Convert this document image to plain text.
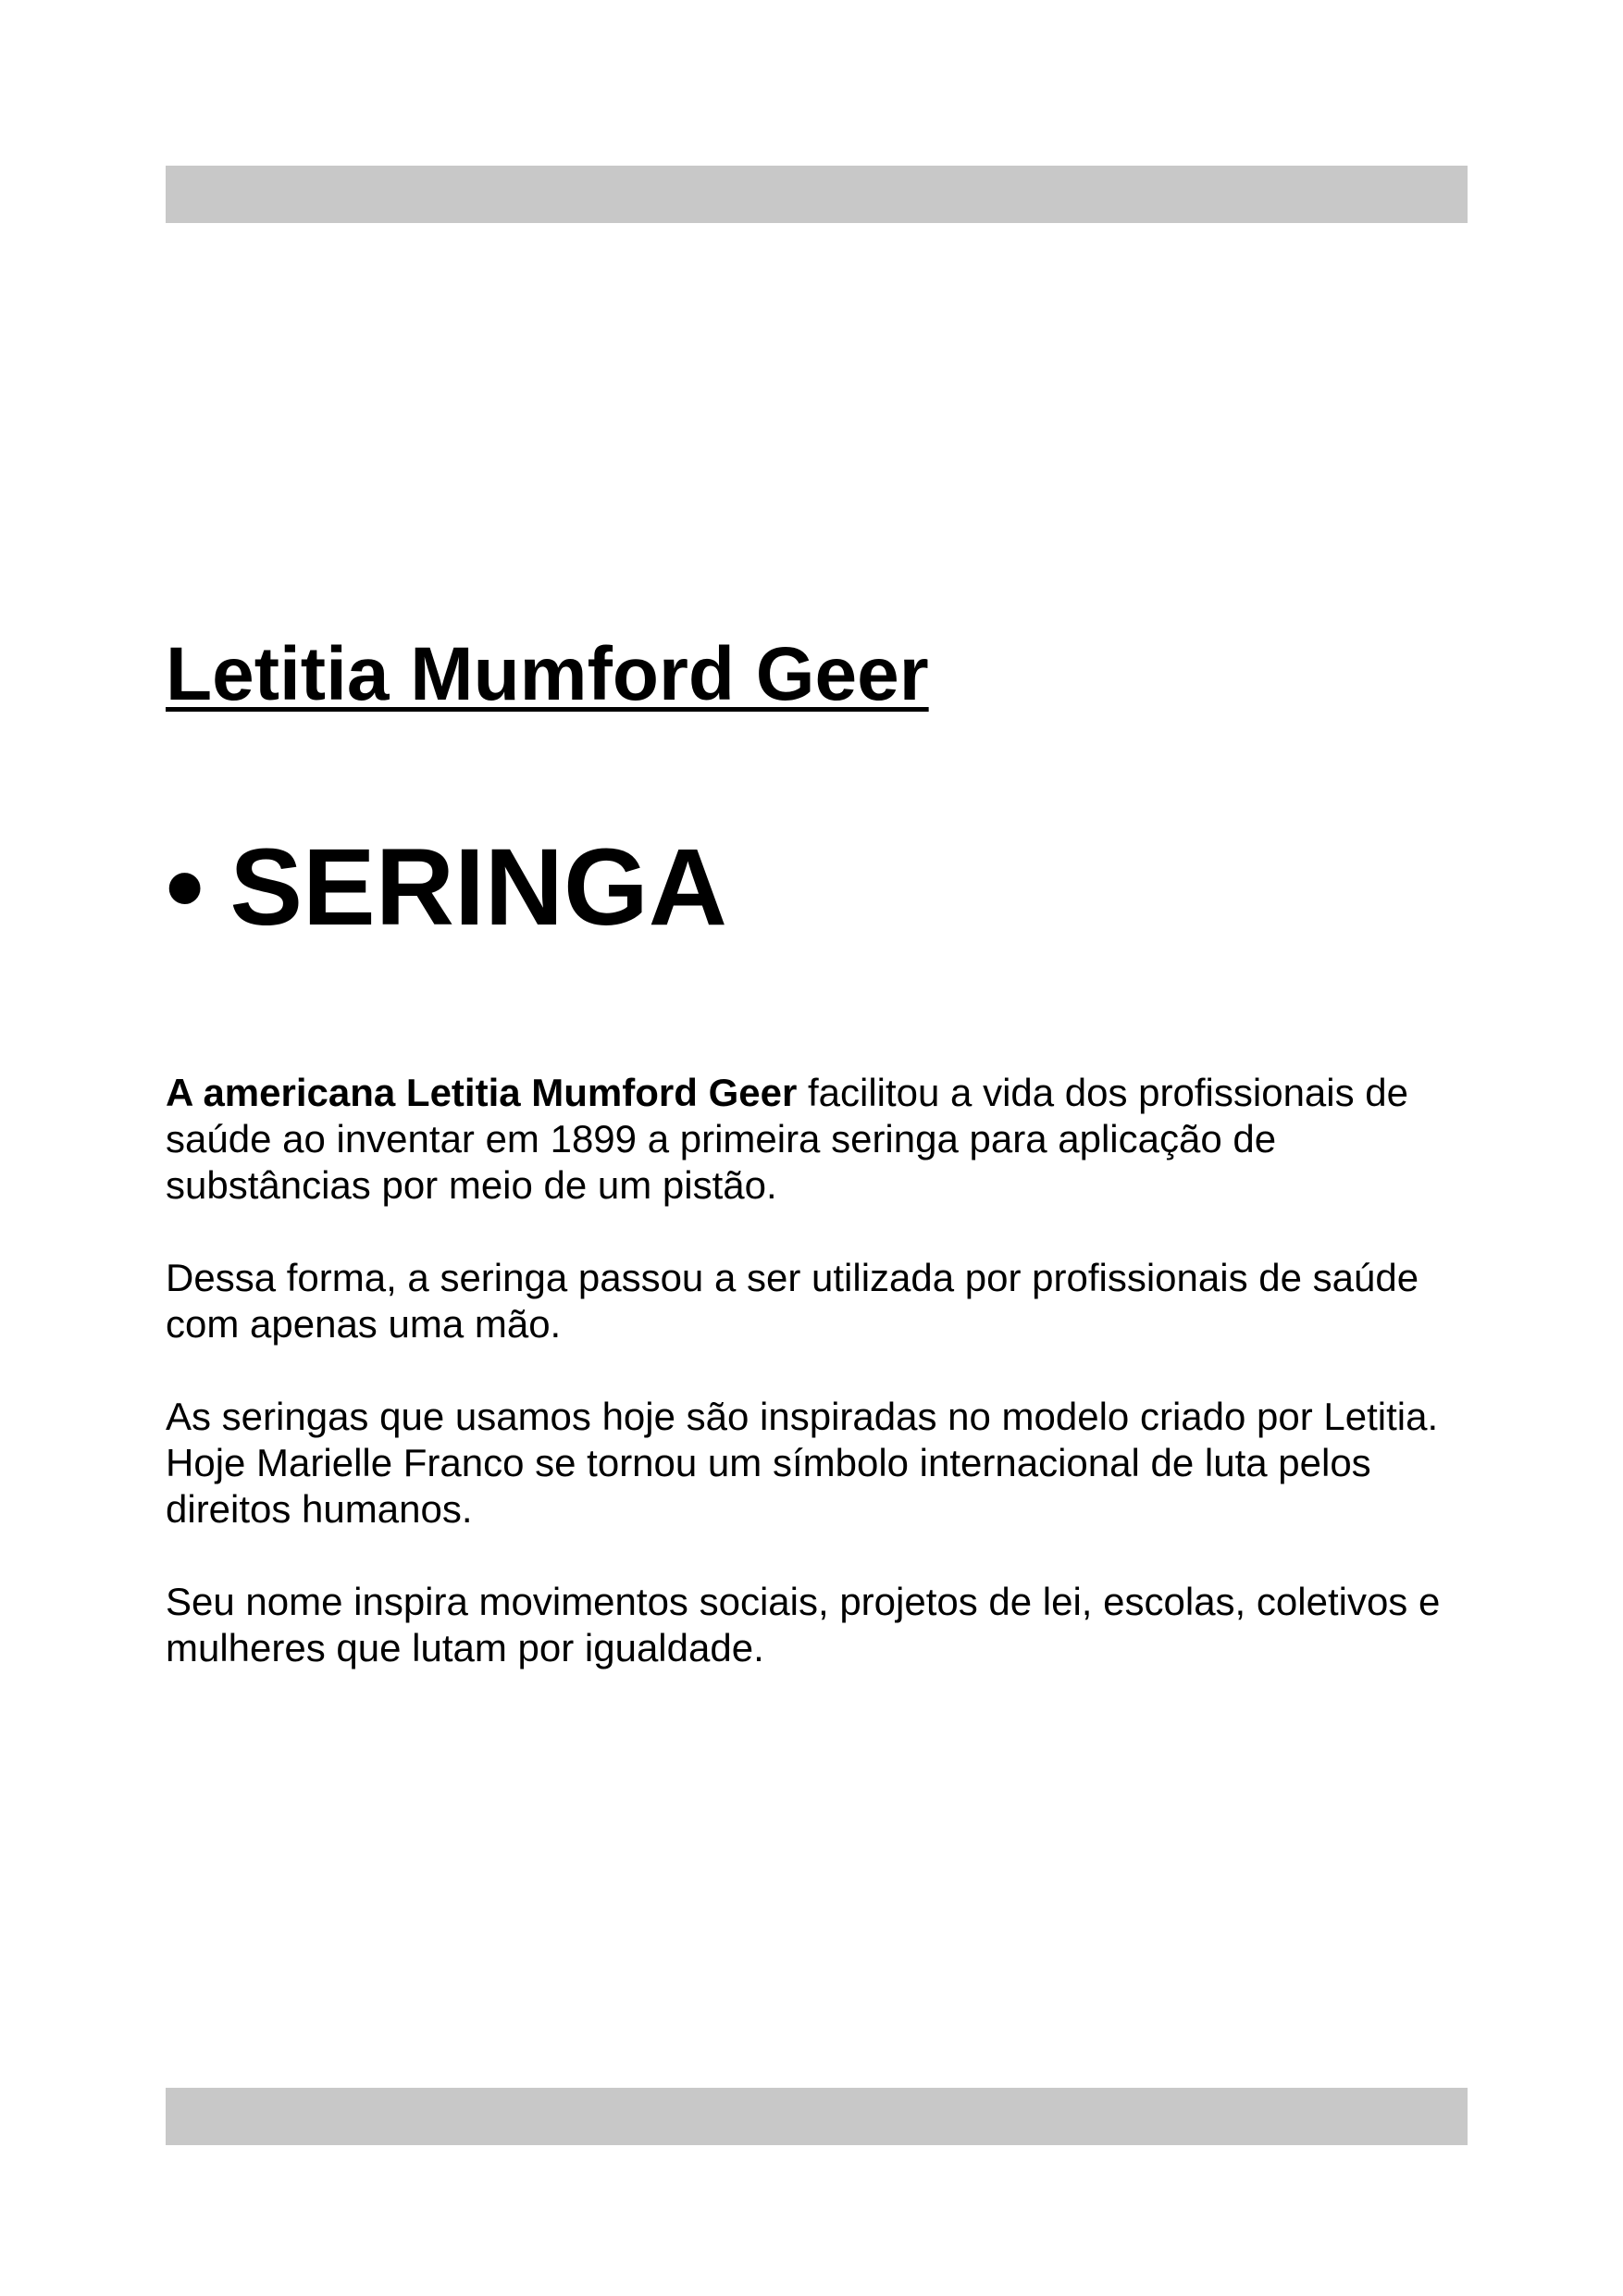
Letitia Mumford Geer
• SERINGA

A americana Letitia Mumford Geer facilitou a vida dos profissionais de saúde ao inventar em 1899 a primeira seringa para aplicação de substâncias por meio de um pistão.

Dessa forma, a seringa passou a ser utilizada por profissionais de saúde com apenas uma mão.

As seringas que usamos hoje são inspiradas no modelo criado por Letitia. Hoje Marielle Franco se tornou um símbolo internacional de luta pelos direitos humanos.

Seu nome inspira movimentos sociais, projetos de lei, escolas, coletivos e mulheres que lutam por igualdade.
